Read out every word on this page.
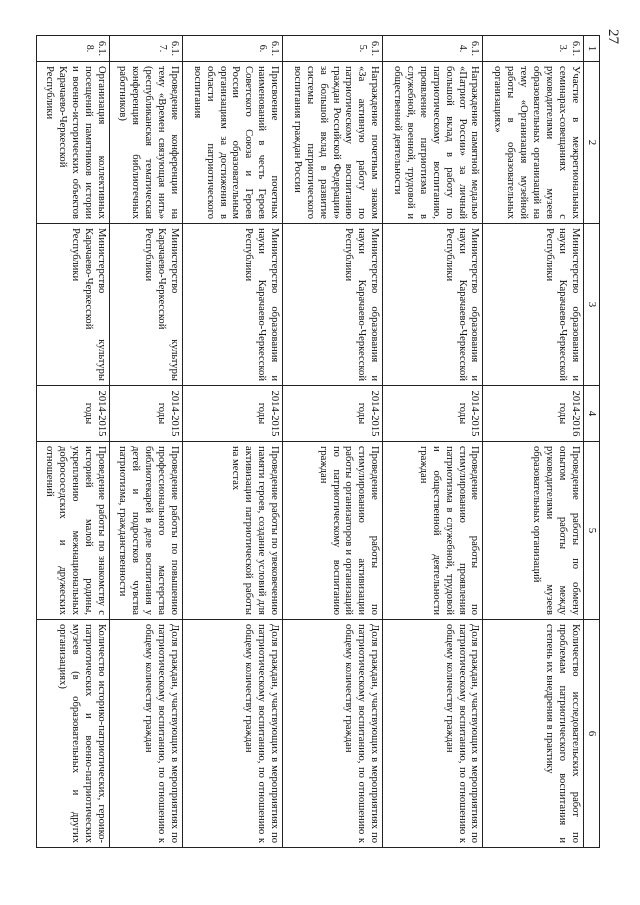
27
1	2	3	4	5	6
6.1.3.	Участие в межрегиональных семинарах-совещаниях с руководителями музеев образовательных организаций на тему «Организация музейной работы в образовательных организациях»	Министерство образования и науки Карачаево-Черкесской Республики	2014-2016 годы	Проведение работы по обмену опытом работы между руководителями музеев образовательных организаций	Количество исследовательских работ по проблемам патриотического воспитания и степень их внедрения в практику
6.1.4.	Награждение памятной медалью «Патриот России» за личный большой вклад в работу по патриотическому воспитанию, проявление патриотизма в служебной, военной, трудовой и общественной деятельности	Министерство образования и науки Карачаево-Черкесской Республики	2014-2015 годы	Проведение работы по стимулированию проявления патриотизма в служебной, трудовой и общественной деятельности граждан	Доля граждан, участвующих в мероприятиях по патриотическому воспитанию, по отношению к общему количеству граждан
6.1.5.	Награждение почетным знаком «За активную работу по патриотическому воспитанию граждан Российской Федерации» за большой вклад в развитие системы патриотического воспитания граждан России	Министерство образования и науки Карачаево-Черкесской Республики	2014-2015 годы	Проведение работы по стимулированию активизации работы организаторов и организаций по патриотическому воспитанию граждан	Доля граждан, участвующих в мероприятиях по патриотическому воспитанию, по отношению к общему количеству граждан
6.1.6.	Присвоение почетных наименований в честь Героев Советского Союза и Героев России образовательным организациям за достижения в области патриотического воспитания	Министерство образования и науки Карачаево-Черкесской Республики	2014-2015 годы	Проведение работы по увековечению памяти героев, создание условий для активизации патриотической работы на местах	Доля граждан, участвующих в мероприятиях по патриотическому воспитанию, по отношению к общему количеству граждан
6.1.7.	Проведение конференции на тему «Времен связующая нить» (республиканская тематическая конференция библиотечных работников)	Министерство культуры Карачаево-Черкесской Республики	2014-2015 годы	Проведение работы по повышению профессионального мастерства библиотекарей в деле воспитания у детей и подростков чувства патриотизма, гражданственности	Доля граждан, участвующих в мероприятиях по патриотическому воспитанию, по отношению к общему количеству граждан
6.1.8.	Организация коллективных посещений памятников истории и военно-исторических объектов Карачаево-Черкесской Республики	Министерство культуры Карачаево-Черкесской Республики	2014-2015 годы	Проведение работы по знакомству с историей малой родины, укреплению межнациональных добрососедских и дружеских отношений	Количество историко-патриотических, героико-патриотических и военно-патриотических музеев (в образовательных и других организациях)
